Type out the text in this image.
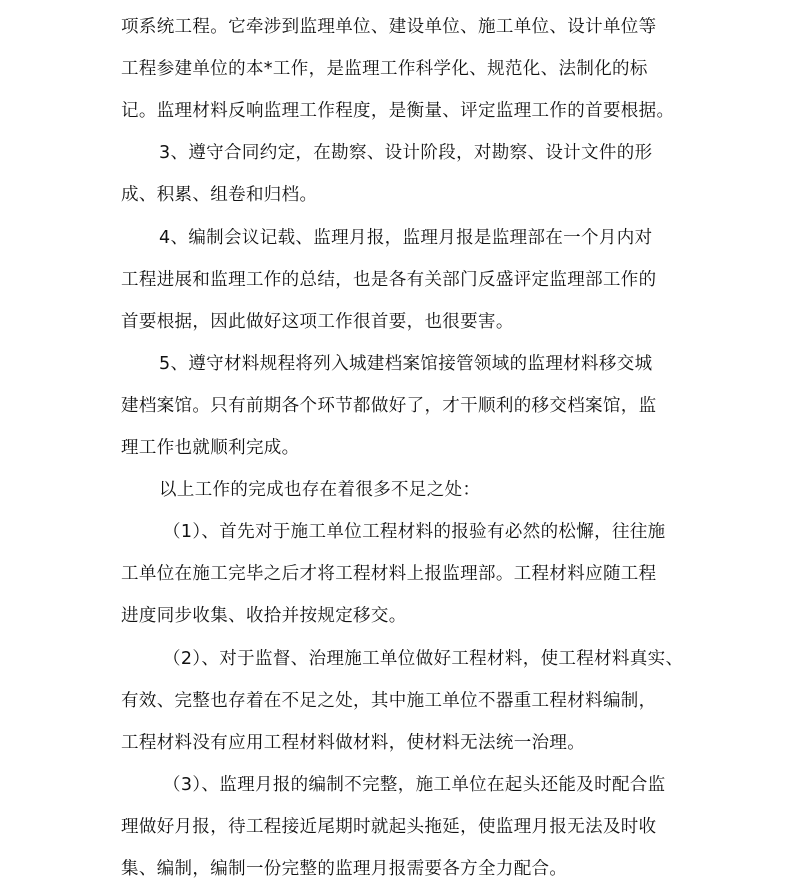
项系统工程。它牵涉到监理单位、建设单位、施工单位、设计单位等
工程参建单位的本*工作，是监理工作科学化、规范化、法制化的标
记。监理材料反响监理工作程度，是衡量、评定监理工作的首要根据。
3、遵守合同约定，在勘察、设计阶段，对勘察、设计文件的形
成、积累、组卷和归档。
4、编制会议记载、监理月报，监理月报是监理部在一个月内对
工程进展和监理工作的总结，也是各有关部门反盛评定监理部工作的
首要根据，因此做好这项工作很首要，也很要害。
5、遵守材料规程将列入城建档案馆接管领域的监理材料移交城
建档案馆。只有前期各个环节都做好了，才干顺利的移交档案馆，监
理工作也就顺利完成。
以上工作的完成也存在着很多不足之处：
（1）、首先对于施工单位工程材料的报验有必然的松懈，往往施
工单位在施工完毕之后才将工程材料上报监理部。工程材料应随工程
进度同步收集、收拾并按规定移交。
（2）、对于监督、治理施工单位做好工程材料，使工程材料真实、
有效、完整也存着在不足之处，其中施工单位不器重工程材料编制，
工程材料没有应用工程材料做材料，使材料无法统一治理。
（3）、监理月报的编制不完整，施工单位在起头还能及时配合监
理做好月报，待工程接近尾期时就起头拖延，使监理月报无法及时收
集、编制，编制一份完整的监理月报需要各方全力配合。
